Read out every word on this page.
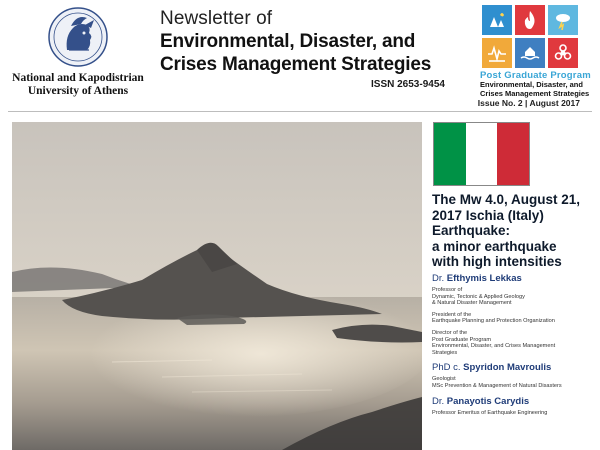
National and Kapodistrian
University of Athens
Newsletter of
Environmental, Disaster, and
Crises Management Strategies
ISSN 2653-9454
Post Graduate Program
Environmental, Disaster, and
Crises Management Strategies
Issue No. 2 | August 2017
The Mw 4.0, August 21,
2017 Ischia (Italy)
Earthquake:
a minor earthquake
with high intensities
Dr. Efthymis Lekkas
Professor of
Dynamic, Tectonic & Applied Geology
& Natural Disaster Management
President of the
Earthquake Planning and Protection Organization
Director of the
Post Graduate Program
Environmental, Disaster, and Crises Management
Strategies
PhD c. Spyridon Mavroulis
Geologist
MSc Prevention & Management of Natural Disasters
Dr. Panayotis Carydis
Professor Emeritus of Earthquake Engineering
